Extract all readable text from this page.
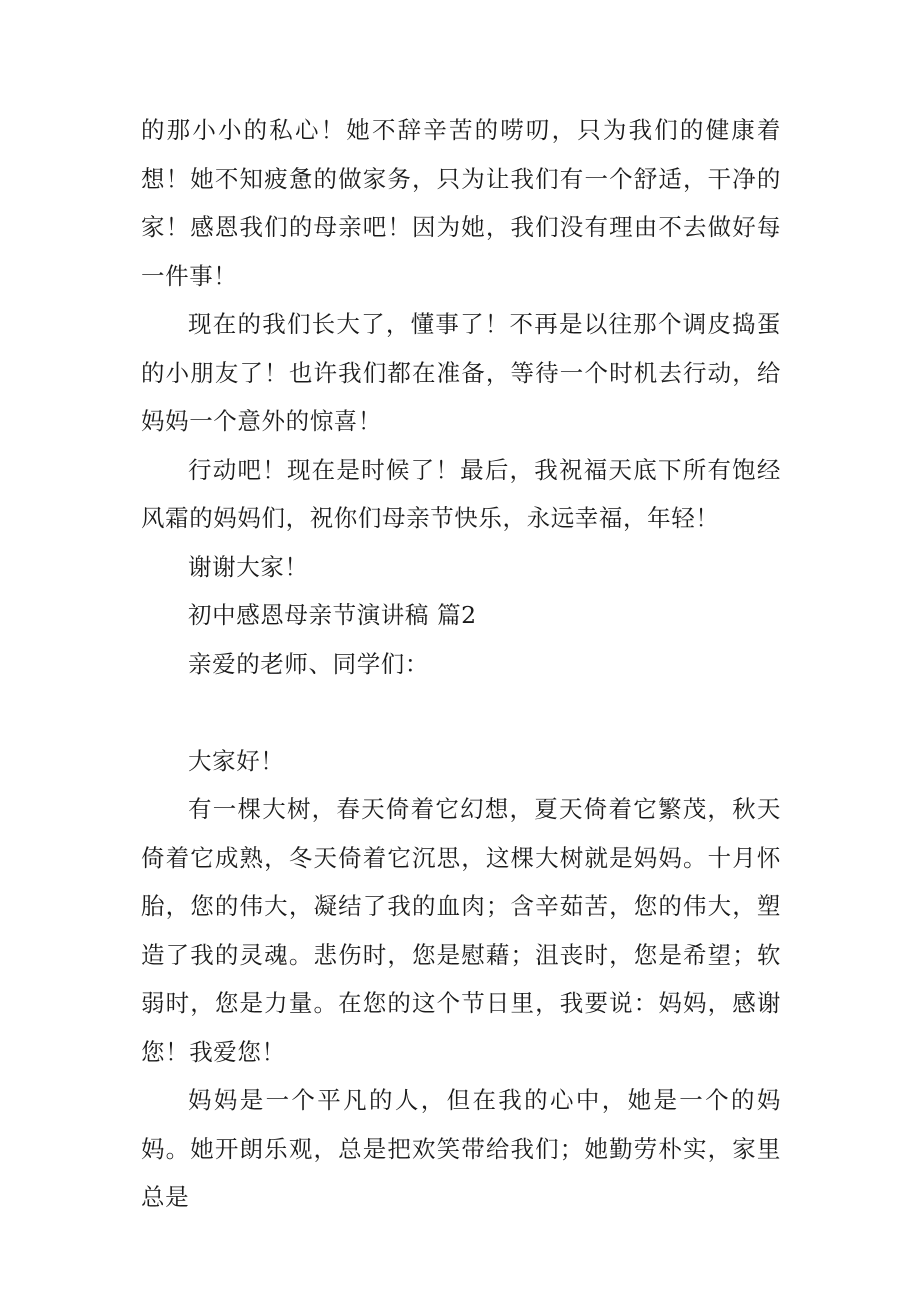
的那小小的私心！她不辞辛苦的唠叨，只为我们的健康着想！她不知疲惫的做家务，只为让我们有一个舒适，干净的家！感恩我们的母亲吧！因为她，我们没有理由不去做好每一件事！

现在的我们长大了，懂事了！不再是以往那个调皮捣蛋的小朋友了！也许我们都在准备，等待一个时机去行动，给妈妈一个意外的惊喜！

行动吧！现在是时候了！最后，我祝福天底下所有饱经风霜的妈妈们，祝你们母亲节快乐，永远幸福，年轻！

谢谢大家！

初中感恩母亲节演讲稿 篇2

亲爱的老师、同学们：

大家好！

有一棵大树，春天倚着它幻想，夏天倚着它繁茂，秋天倚着它成熟，冬天倚着它沉思，这棵大树就是妈妈。十月怀胎，您的伟大，凝结了我的血肉；含辛茹苦，您的伟大，塑造了我的灵魂。悲伤时，您是慰藉；沮丧时，您是希望；软弱时，您是力量。在您的这个节日里，我要说：妈妈，感谢您！我爱您！

妈妈是一个平凡的人，但在我的心中，她是一个的妈妈。她开朗乐观，总是把欢笑带给我们；她勤劳朴实，家里总是
